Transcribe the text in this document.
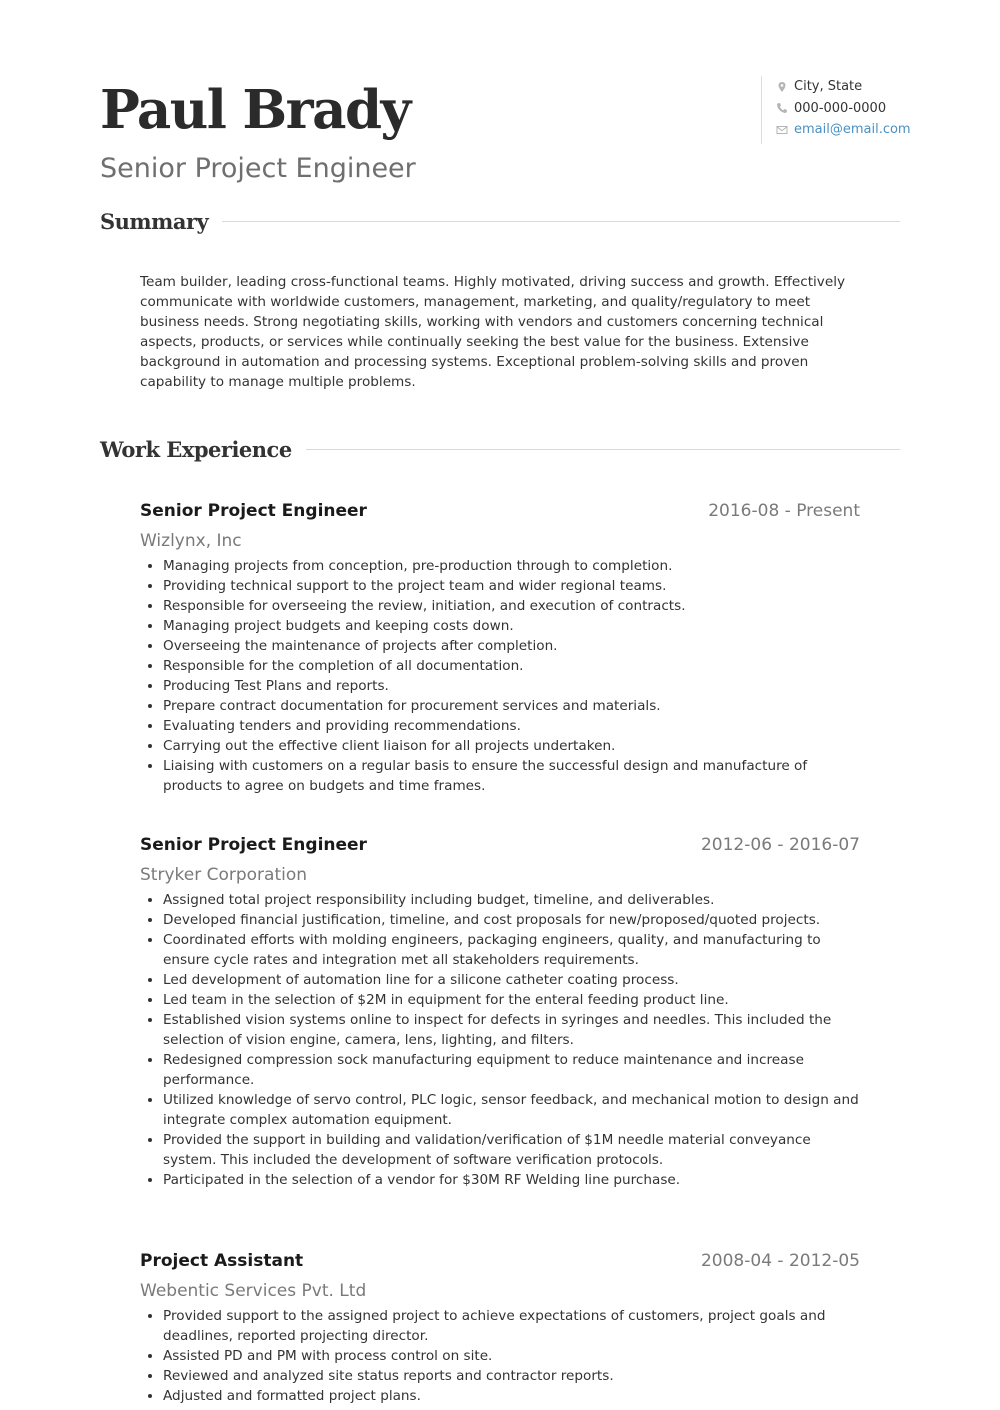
Paul Brady
Senior Project Engineer
City, State
000-000-0000
email@email.com
Summary

Team builder, leading cross-functional teams. Highly motivated, driving success and growth. Effectively communicate with worldwide customers, management, marketing, and quality/regulatory to meet business needs. Strong negotiating skills, working with vendors and customers concerning technical aspects, products, or services while continually seeking the best value for the business. Extensive background in automation and processing systems. Exceptional problem-solving skills and proven capability to manage multiple problems.

Work Experience
Senior Project Engineer	2016-08 - Present
Wizlynx, Inc
• Managing projects from conception, pre-production through to completion.
• Providing technical support to the project team and wider regional teams.
• Responsible for overseeing the review, initiation, and execution of contracts.
• Managing project budgets and keeping costs down.
• Overseeing the maintenance of projects after completion.
• Responsible for the completion of all documentation.
• Producing Test Plans and reports.
• Prepare contract documentation for procurement services and materials.
• Evaluating tenders and providing recommendations.
• Carrying out the effective client liaison for all projects undertaken.
• Liaising with customers on a regular basis to ensure the successful design and manufacture of products to agree on budgets and time frames.
Senior Project Engineer	2012-06 - 2016-07
Stryker Corporation
• Assigned total project responsibility including budget, timeline, and deliverables.
• Developed financial justification, timeline, and cost proposals for new/proposed/quoted projects.
• Coordinated efforts with molding engineers, packaging engineers, quality, and manufacturing to ensure cycle rates and integration met all stakeholders requirements.
• Led development of automation line for a silicone catheter coating process.
• Led team in the selection of $2M in equipment for the enteral feeding product line.
• Established vision systems online to inspect for defects in syringes and needles. This included the selection of vision engine, camera, lens, lighting, and filters.
• Redesigned compression sock manufacturing equipment to reduce maintenance and increase performance.
• Utilized knowledge of servo control, PLC logic, sensor feedback, and mechanical motion to design and integrate complex automation equipment.
• Provided the support in building and validation/verification of $1M needle material conveyance system. This included the development of software verification protocols.
• Participated in the selection of a vendor for $30M RF Welding line purchase.
Project Assistant	2008-04 - 2012-05
Webentic Services Pvt. Ltd
• Provided support to the assigned project to achieve expectations of customers, project goals and deadlines, reported projecting director.
• Assisted PD and PM with process control on site.
• Reviewed and analyzed site status reports and contractor reports.
• Adjusted and formatted project plans.
